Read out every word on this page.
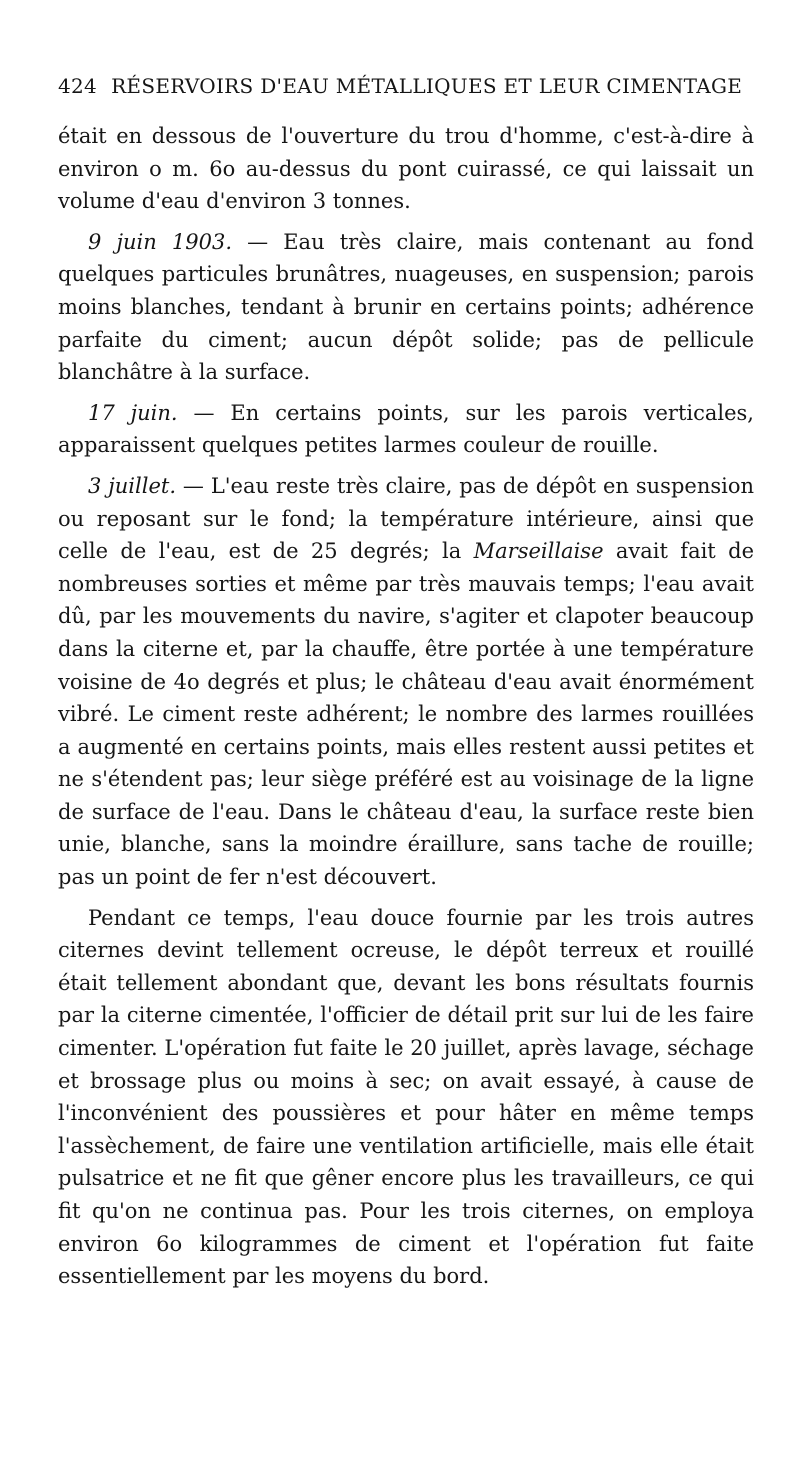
424 RÉSERVOIRS D'EAU MÉTALLIQUES ET LEUR CIMENTAGE

était en dessous de l'ouverture du trou d'homme, c'est-à-dire à environ o m. 6o au-dessus du pont cuirassé, ce qui laissait un volume d'eau d'environ 3 tonnes.

9 juin 1903. — Eau très claire, mais contenant au fond quelques particules brunâtres, nuageuses, en suspension; parois moins blanches, tendant à brunir en certains points; adhérence parfaite du ciment; aucun dépôt solide; pas de pellicule blanchâtre à la surface.

17 juin. — En certains points, sur les parois verticales, apparaissent quelques petites larmes couleur de rouille.

3 juillet. — L'eau reste très claire, pas de dépôt en suspension ou reposant sur le fond; la température intérieure, ainsi que celle de l'eau, est de 25 degrés; la Marseillaise avait fait de nombreuses sorties et même par très mauvais temps; l'eau avait dû, par les mouvements du navire, s'agiter et clapoter beaucoup dans la citerne et, par la chauffe, être portée à une température voisine de 4o degrés et plus; le château d'eau avait énormément vibré. Le ciment reste adhérent; le nombre des larmes rouillées a augmenté en certains points, mais elles restent aussi petites et ne s'étendent pas; leur siège préféré est au voisinage de la ligne de surface de l'eau. Dans le château d'eau, la surface reste bien unie, blanche, sans la moindre éraillure, sans tache de rouille; pas un point de fer n'est découvert.

Pendant ce temps, l'eau douce fournie par les trois autres citernes devint tellement ocreuse, le dépôt terreux et rouillé était tellement abondant que, devant les bons résultats fournis par la citerne cimentée, l'officier de détail prit sur lui de les faire cimenter. L'opération fut faite le 20 juillet, après lavage, séchage et brossage plus ou moins à sec; on avait essayé, à cause de l'inconvénient des poussières et pour hâter en même temps l'assèchement, de faire une ventilation artificielle, mais elle était pulsatrice et ne fit que gêner encore plus les travailleurs, ce qui fit qu'on ne continua pas. Pour les trois citernes, on employa environ 6o kilogrammes de ciment et l'opération fut faite essentiellement par les moyens du bord.
